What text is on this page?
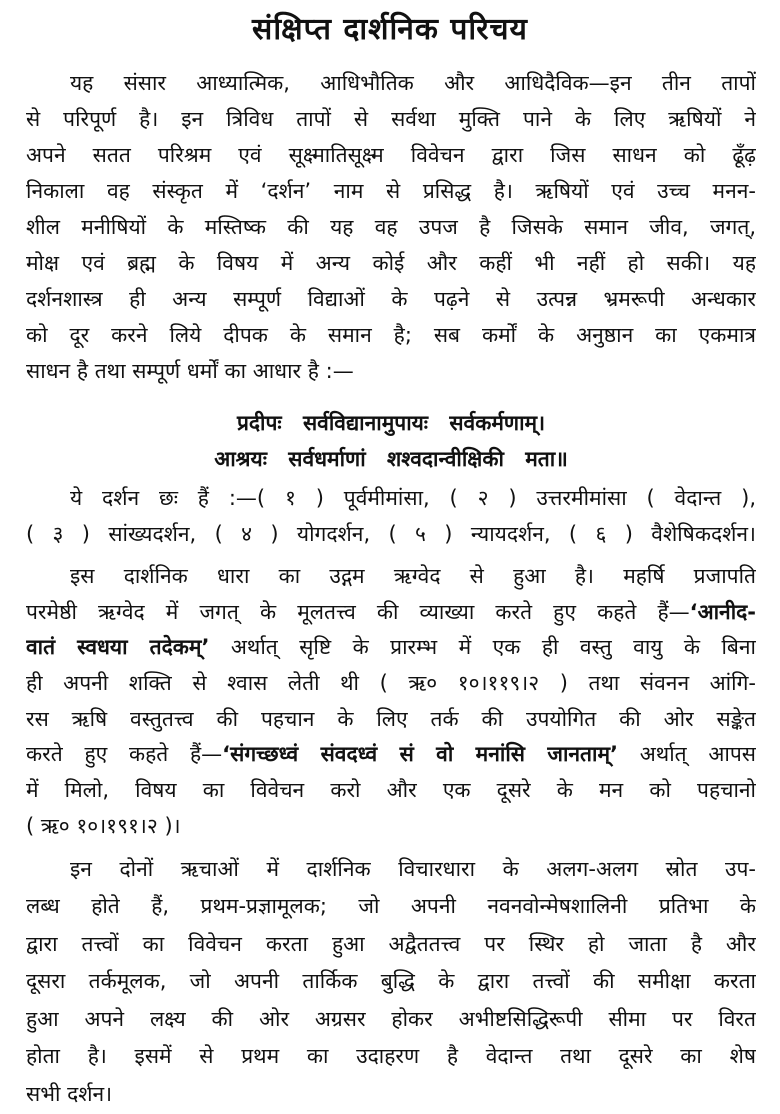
संक्षिप्त दार्शनिक परिचय
यह संसार आध्यात्मिक, आधिभौतिक और आधिदैविक—इन तीन तापों
से परिपूर्ण है। इन त्रिविध तापों से सर्वथा मुक्ति पाने के लिए ऋषियों ने
अपने सतत परिश्रम एवं सूक्ष्मातिसूक्ष्म विवेचन द्वारा जिस साधन को ढूँढ़
निकाला वह संस्कृत में ‘दर्शन’ नाम से प्रसिद्ध है। ऋषियों एवं उच्च मनन-
शील मनीषियों के मस्तिष्क की यह वह उपज है जिसके समान जीव, जगत्,
मोक्ष एवं ब्रह्म के विषय में अन्य कोई और कहीं भी नहीं हो सकी। यह
दर्शनशास्त्र ही अन्य सम्पूर्ण विद्याओं के पढ़ने से उत्पन्न भ्रमरूपी अन्धकार
को दूर करने लिये दीपक के समान है; सब कर्मों के अनुष्ठान का एकमात्र
साधन है तथा सम्पूर्ण धर्मों का आधार है :—
प्रदीपः सर्वविद्यानामुपायः सर्वकर्मणाम्।
आश्रयः सर्वधर्माणां शश्वदान्वीक्षिकी मता॥
ये दर्शन छः हैं :—( १ ) पूर्वमीमांसा, ( २ ) उत्तरमीमांसा ( वेदान्त ),
( ३ ) सांख्यदर्शन, ( ४ ) योगदर्शन, ( ५ ) न्यायदर्शन, ( ६ ) वैशेषिकदर्शन।
इस दार्शनिक धारा का उद्गम ऋग्वेद से हुआ है। महर्षि प्रजापति
परमेष्ठी ऋग्वेद में जगत् के मूलतत्त्व की व्याख्या करते हुए कहते हैं—‘आनीद-
वातं स्वधया तदेकम्’ अर्थात् सृष्टि के प्रारम्भ में एक ही वस्तु वायु के बिना
ही अपनी शक्ति से श्वास लेती थी ( ऋ० १०।११९।२ ) तथा संवनन आंगि-
रस ऋषि वस्तुतत्त्व की पहचान के लिए तर्क की उपयोगित की ओर सङ्केत
करते हुए कहते हैं—‘संगच्छध्वं संवदध्वं सं वो मनांसि जानताम्’ अर्थात् आपस
में मिलो, विषय का विवेचन करो और एक दूसरे के मन को पहचानो
( ऋ० १०।१९१।२ )।
इन दोनों ऋचाओं में दार्शनिक विचारधारा के अलग-अलग स्रोत उप-
लब्ध होते हैं, प्रथम-प्रज्ञामूलक; जो अपनी नवनवोन्मेषशालिनी प्रतिभा के
द्वारा तत्त्वों का विवेचन करता हुआ अद्वैततत्त्व पर स्थिर हो जाता है और
दूसरा तर्कमूलक, जो अपनी तार्किक बुद्धि के द्वारा तत्त्वों की समीक्षा करता
हुआ अपने लक्ष्य की ओर अग्रसर होकर अभीष्टसिद्धिरूपी सीमा पर विरत
होता है। इसमें से प्रथम का उदाहरण है वेदान्त तथा दूसरे का शेष
सभी दर्शन।
